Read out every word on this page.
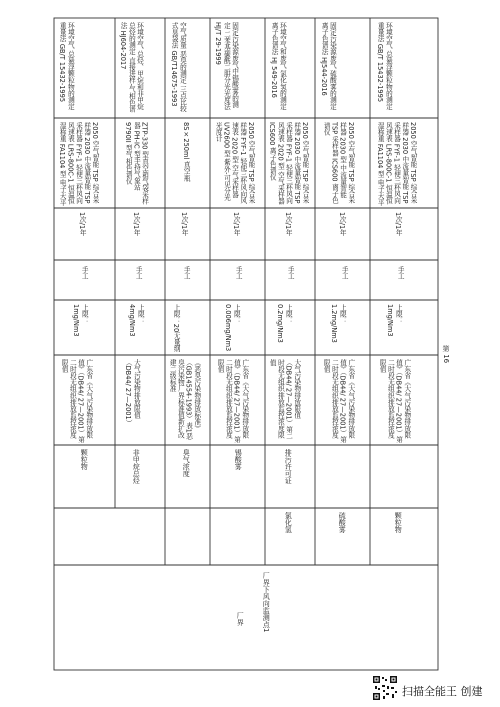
环境空气 总悬浮颗粒物的测定 重量法 GB/T 15432-1995
2050 空气智能 TSP 综合采样器 2030 中流量智能 TSP 采样器 FYF-1 轻便三杯风向风速表 LRS-800C-1 恒温恒湿称重 FA1104 型 电子天平
1次/1年
手工
上限：1mg/Nm3
广东省《大气污染物排放限值》（DB44/ 27—2001）第二时段无组织排放监控浓度限值
颗粒物
环境空气 总烃、甲烷和非甲烷总烃的测定 直接进样-气相色谱法 HJ604-2017
ZTP-330 型真空箱气袋采样器 PH-IC 型手持气象站 9790II 型气相色谱仪
1次/1年
手工
上限：4mg/Nm3
大气污染物排放限值（DB44/ 27—2001）
非甲烷总烃
空气质量 恶臭的测定 三点比较式臭袋法 GB/T14675-1993
8S×250ml 真空瓶
1次/1年
手工
上限：20无量纲
《恶臭污染物排放标准》（GB14554-1993）表1恶臭污染物厂界标准值新扩改建二级标准
臭气浓度
固定污染源废气中锡酸雾的测定 二苯基碳酰二肼分光光度法 HJ/T 29-1999
2050 空气智能 TSP 综合采样器 FYF-1 轻便三杯风向风速表 2020 型 空气采样器 UV2600 型 紫外-可见分光光度计
1次/1年
手工
上限：0.006mg/Nm3
广东省《大气污染物排放限值》（DB44/ 27—2001）第二时段无组织排放监控浓度限值
锡酸雾
环境空气和废气 氯化氢的测定 离子色谱法 HJ 549-2016
2050 空气智能 TSP 综合采样器 2030 中流量智能 TSP 采样器 FYF-1 轻便三杯风向风速表 2020 型 空气采样器 ICS600 离子色谱仪
1次/1年
手工
上限：0.2mg/Nm3
大气污染物排放限值（DB44/ 27—2001）第二时段无组织排放监控浓度限值
氯化氢
排污许可证
固定污染源废气 硫酸雾的测定 离子色谱法 HJ544-2016
2050 空气智能 TSP 综合采样器 2030 型 中流量智能 TSP 采样器 ICS600 离子色谱仪
1次/1年
手工
上限：1.2mg/Nm3
广东省《大气污染物排放限值》（DB44/ 27—2001）第二时段无组织排放监控浓度限值
硫酸雾
环境空气 总悬浮颗粒物的测定 重量法 GB/T 15432-1995
2050 空气智能 TSP 综合采样器 2030 中流量智能 TSP 采样器 FYF-1 轻便三杯风向风速表 LRS-800C-1 恒温恒湿称重 FA1104 型 电子天平
1次/1年
手工
上限：1mg/Nm3
广东省《大气污染物排放限值》（DB44/ 27—2001）第二时段无组织排放监控浓度限值
颗粒物
厂界下风向监测点1
厂界
第 16
扫描全能王 创建
